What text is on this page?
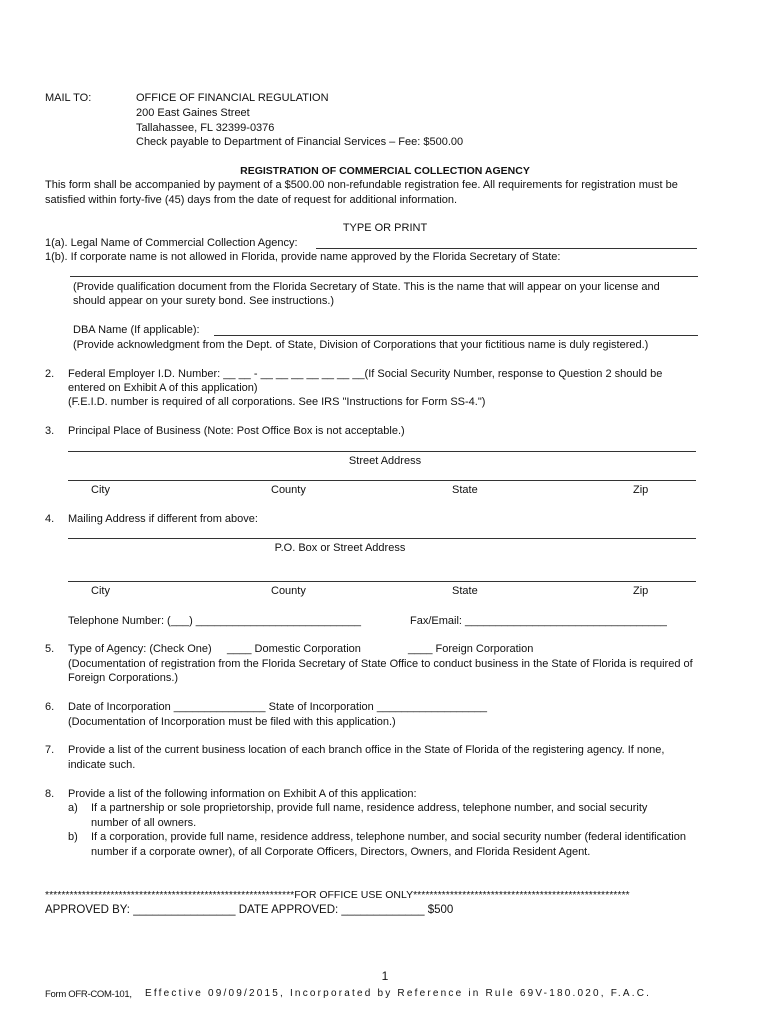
MAIL TO:	OFFICE OF FINANCIAL REGULATION
200 East Gaines Street
Tallahassee, FL 32399-0376
Check payable to Department of Financial Services – Fee: $500.00
REGISTRATION OF COMMERCIAL COLLECTION AGENCY
This form shall be accompanied by payment of a $500.00 non-refundable registration fee. All requirements for registration must be
satisfied within forty-five (45) days from the date of request for additional information.
TYPE OR PRINT
1(a). Legal Name of Commercial Collection Agency:
1(b). If corporate name is not allowed in Florida, provide name approved by the Florida Secretary of State:
(Provide qualification document from the Florida Secretary of State. This is the name that will appear on your license and
should appear on your surety bond. See instructions.)
DBA Name (If applicable):
(Provide acknowledgment from the Dept. of State, Division of Corporations that your fictitious name is duly registered.)
2. Federal Employer I.D. Number: __ __ - __ __ __ __ __ __ __(If Social Security Number, response to Question 2 should be
entered on Exhibit A of this application)
(F.E.I.D. number is required of all corporations. See IRS "Instructions for Form SS-4.")
3. Principal Place of Business (Note: Post Office Box is not acceptable.)
Street Address
City	County	State	Zip
4. Mailing Address if different from above:
P.O. Box or Street Address
City	County	State	Zip
Telephone Number: (___) ___________________________	Fax/Email: _________________________________
5. Type of Agency: (Check One) ____ Domestic Corporation	____ Foreign Corporation
(Documentation of registration from the Florida Secretary of State Office to conduct business in the State of Florida is required of
Foreign Corporations.)
6. Date of Incorporation _______________ State of Incorporation __________________
(Documentation of Incorporation must be filed with this application.)
7. Provide a list of the current business location of each branch office in the State of Florida of the registering agency. If none,
indicate such.
8. Provide a list of the following information on Exhibit A of this application:
a) If a partnership or sole proprietorship, provide full name, residence address, telephone number, and social security
number of all owners.
b) If a corporation, provide full name, residence address, telephone number, and social security number (federal identification
number if a corporate owner), of all Corporate Officers, Directors, Owners, and Florida Resident Agent.
*************************************************************FOR OFFICE USE ONLY*****************************************************
APPROVED BY: ________________ DATE APPROVED: _____________ $500
1
Form OFR-COM-101, Effective 09/09/2015, Incorporated by Reference in Rule 69V-180.020, F.A.C.
